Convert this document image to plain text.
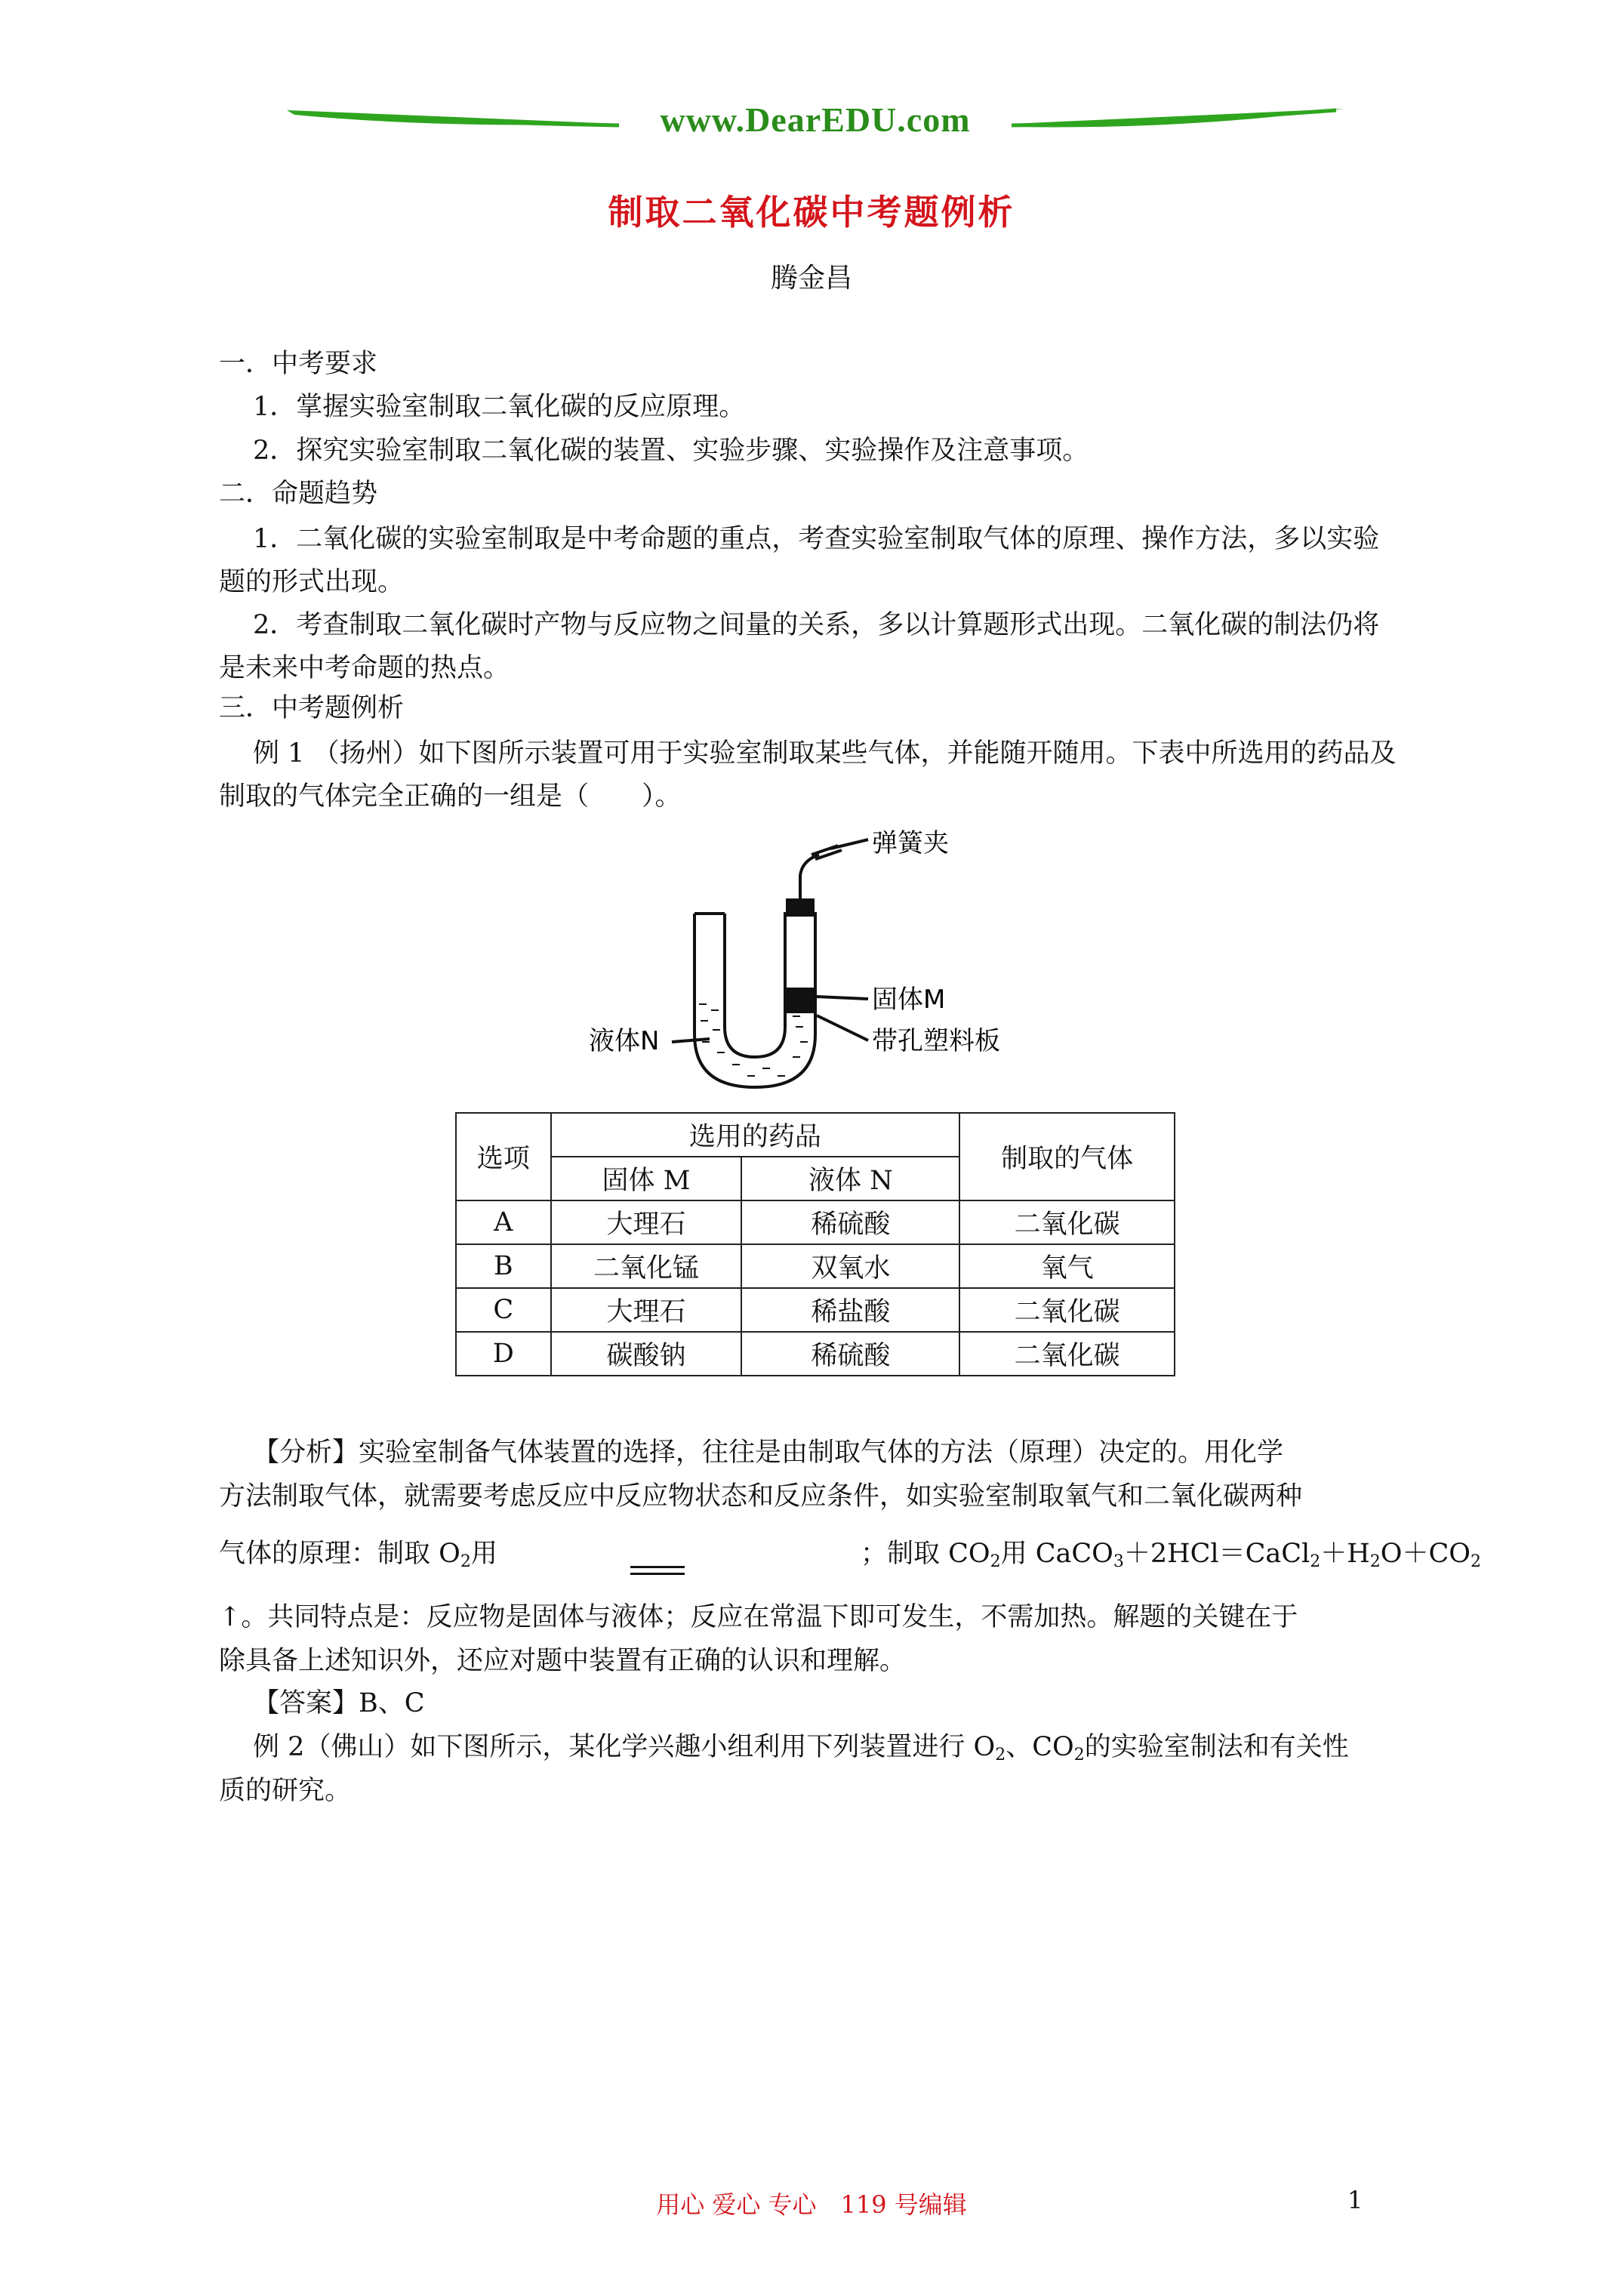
www.DearEDU.com
制取二氧化碳中考题例析
腾金昌
一．中考要求
1．掌握实验室制取二氧化碳的反应原理。
2．探究实验室制取二氧化碳的装置、实验步骤、实验操作及注意事项。
二．命题趋势
1．二氧化碳的实验室制取是中考命题的重点，考查实验室制取气体的原理、操作方法，多以实验题的形式出现。
2．考查制取二氧化碳时产物与反应物之间量的关系，多以计算题形式出现。二氧化碳的制法仍将是未来中考命题的热点。
三．中考题例析
例 1 （扬州）如下图所示装置可用于实验室制取某些气体，并能随开随用。下表中所选用的药品及制取的气体完全正确的一组是（　　）。
弹簧夹
固体M
带孔塑料板
液体N
选项	选用的药品		制取的气体
	固体 M	液体 N	
A	大理石	稀硫酸	二氧化碳
B	二氧化锰	双氧水	氧气
C	大理石	稀盐酸	二氧化碳
D	碳酸钠	稀硫酸	二氧化碳
【分析】实验室制备气体装置的选择，往往是由制取气体的方法（原理）决定的。用化学
方法制取气体，就需要考虑反应中反应物状态和反应条件，如实验室制取氧气和二氧化碳两种
气体的原理：制取 $O_2$用	；制取 $CO_2$用 $CaCO_3+2HCl=CaCl_2+H_2O+CO_2$
↑。共同特点是：反应物是固体与液体；反应在常温下即可发生，不需加热。解题的关键在于
除具备上述知识外，还应对题中装置有正确的认识和理解。
【答案】B、C
例 2（佛山）如下图所示，某化学兴趣小组利用下列装置进行 $O_2$、$CO_2$的实验室制法和有关性
质的研究。
用心 爱心 专心　119 号编辑	1
